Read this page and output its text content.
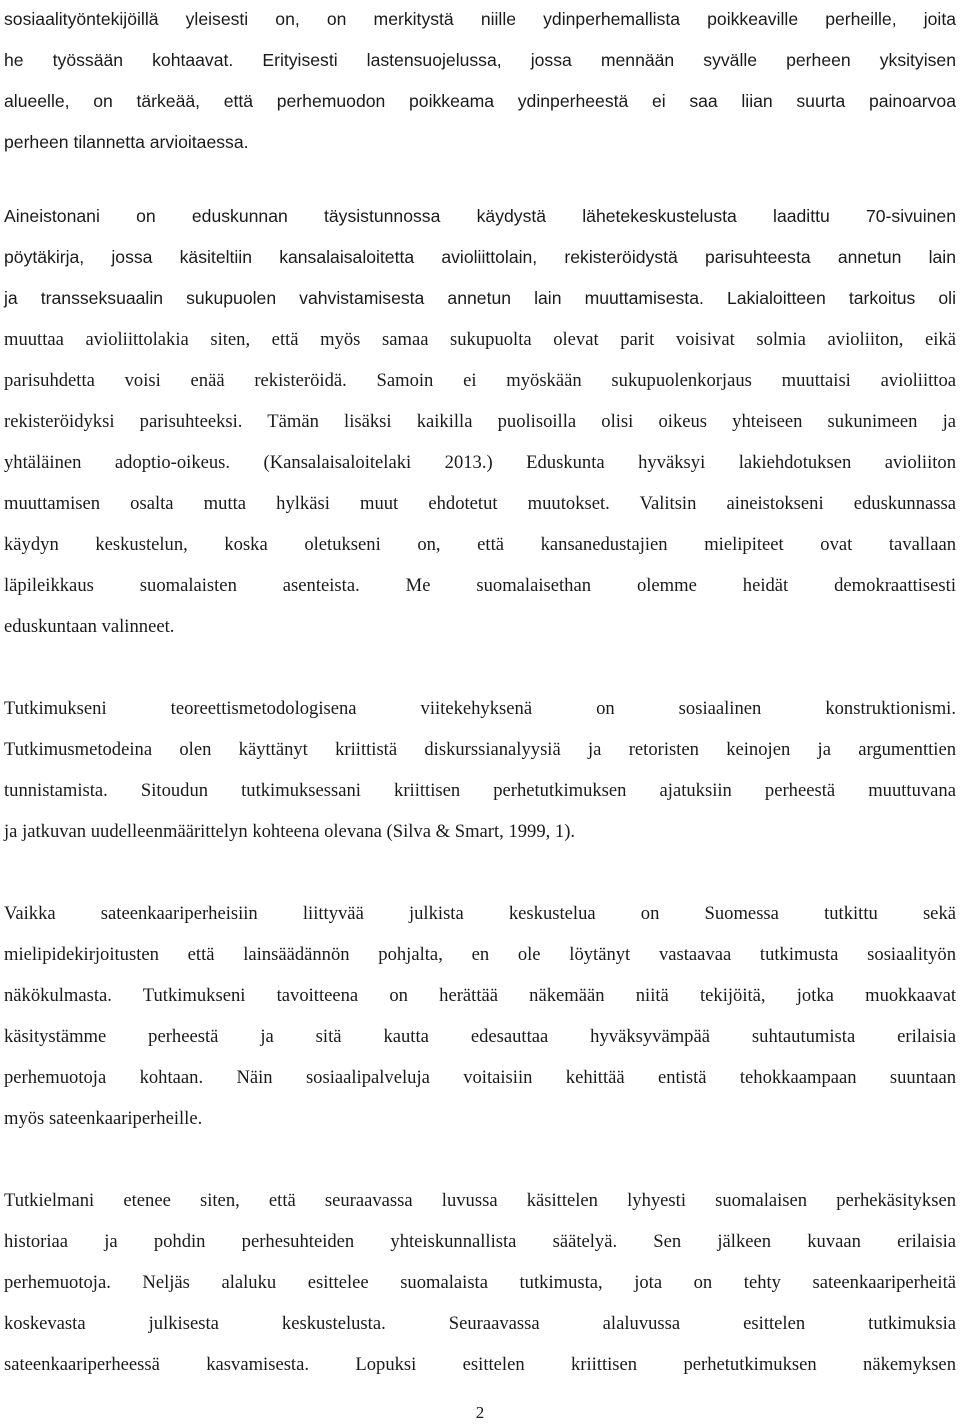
sosiaalityöntekijöillä yleisesti on, on merkitystä niille ydinperhemallista poikkeaville perheille, joita
he työssään kohtaavat. Erityisesti lastensuojelussa, jossa mennään syvälle perheen yksityisen
alueelle, on tärkeää, että perhemuodon poikkeama ydinperheestä ei saa liian suurta painoarvoa
perheen tilannetta arvioitaessa.
Aineistonani on eduskunnan täysistunnossa käydystä lähetekeskustelusta laadittu 70-sivuinen
pöytäkirja, jossa käsiteltiin kansalaisaloitetta avioliittolain, rekisteröidystä parisuhteesta annetun lain
ja transseksuaalin sukupuolen vahvistamisesta annetun lain muuttamisesta. Lakialoitteen tarkoitus oli
muuttaa avioliittolakia siten, että myös samaa sukupuolta olevat parit voisivat solmia avioliiton, eikä
parisuhdetta voisi enää rekisteröidä. Samoin ei myöskään sukupuolenkorjaus muuttaisi avioliittoa
rekisteröidyksi parisuhteeksi. Tämän lisäksi kaikilla puolisoilla olisi oikeus yhteiseen sukunimeen ja
yhtäläinen adoptio-oikeus. (Kansalaisaloitelaki 2013.) Eduskunta hyväksyi lakiehdotuksen avioliiton
muuttamisen osalta mutta hylkäsi muut ehdotetut muutokset. Valitsin aineistokseni eduskunnassa
käydyn keskustelun, koska oletukseni on, että kansanedustajien mielipiteet ovat tavallaan
läpileikkaus suomalaisten asenteista. Me suomalaisethan olemme heidät demokraattisesti
eduskuntaan valinneet.
Tutkimukseni teoreettismetodologisena viitekehyksenä on sosiaalinen konstruktionismi.
Tutkimusmetodeina olen käyttänyt kriittistä diskurssianalyysiä ja retoristen keinojen ja argumenttien
tunnistamista. Sitoudun tutkimuksessani kriittisen perhetutkimuksen ajatuksiin perheestä muuttuvana
ja jatkuvan uudelleenmäärittelyn kohteena olevana (Silva & Smart, 1999, 1).
Vaikka sateenkaariperheisiin liittyvää julkista keskustelua on Suomessa tutkittu sekä
mielipidekirjoitusten että lainsäädännön pohjalta, en ole löytänyt vastaavaa tutkimusta sosiaalityön
näkökulmasta. Tutkimukseni tavoitteena on herättää näkemään niitä tekijöitä, jotka muokkaavat
käsitystämme perheestä ja sitä kautta edesauttaa hyväksyvämpää suhtautumista erilaisia
perhemuotoja kohtaan. Näin sosiaalipalveluja voitaisiin kehittää entistä tehokkaampaan suuntaan
myös sateenkaariperheille.
Tutkielmani etenee siten, että seuraavassa luvussa käsittelen lyhyesti suomalaisen perhekäsityksen
historiaa ja pohdin perhesuhteiden yhteiskunnallista säätelyä. Sen jälkeen kuvaan erilaisia
perhemuotoja. Neljäs alaluku esittelee suomalaista tutkimusta, jota on tehty sateenkaariperheitä
koskevasta julkisesta keskustelusta. Seuraavassa alaluvussa esittelen tutkimuksia
sateenkaariperheessä kasvamisesta. Lopuksi esittelen kriittisen perhetutkimuksen näkemyksen
2
